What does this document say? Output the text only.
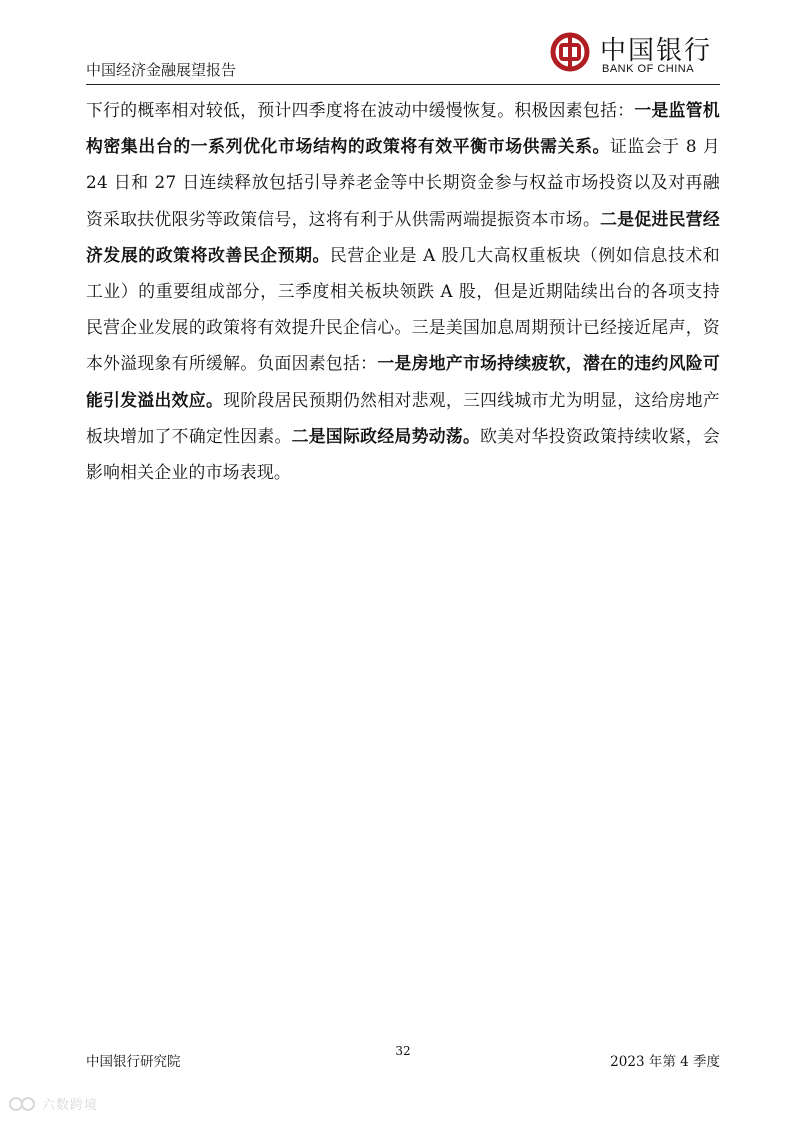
中国经济金融展望报告
中国银行
BANK OF CHINA

下行的概率相对较低，预计四季度将在波动中缓慢恢复。积极因素包括：一是监管机构密集出台的一系列优化市场结构的政策将有效平衡市场供需关系。证监会于 8 月 24 日和 27 日连续释放包括引导养老金等中长期资金参与权益市场投资以及对再融资采取扶优限劣等政策信号，这将有利于从供需两端提振资本市场。二是促进民营经济发展的政策将改善民企预期。民营企业是 A 股几大高权重板块（例如信息技术和工业）的重要组成部分，三季度相关板块领跌 A 股，但是近期陆续出台的各项支持民营企业发展的政策将有效提升民企信心。三是美国加息周期预计已经接近尾声，资本外溢现象有所缓解。负面因素包括：一是房地产市场持续疲软，潜在的违约风险可能引发溢出效应。现阶段居民预期仍然相对悲观，三四线城市尤为明显，这给房地产板块增加了不确定性因素。二是国际政经局势动荡。欧美对华投资政策持续收紧，会影响相关企业的市场表现。

中国银行研究院
32
2023 年第 4 季度
六数跨境
